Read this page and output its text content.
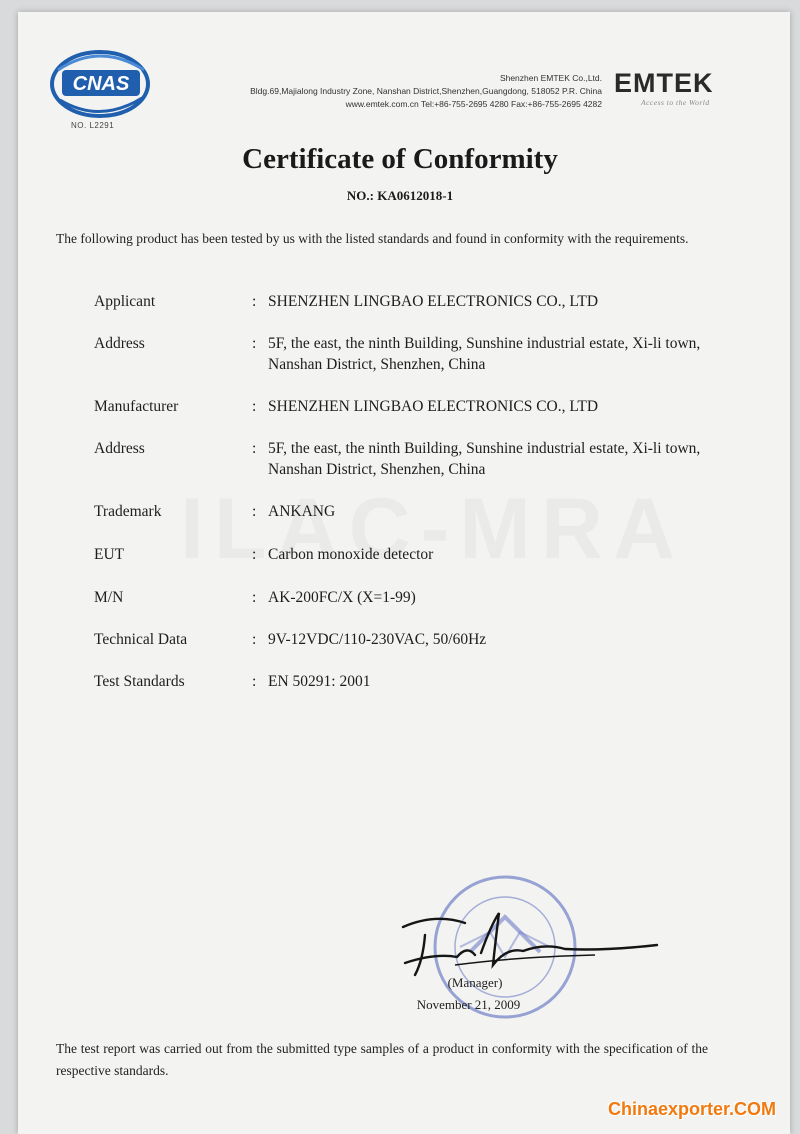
CNAS
NO. L2291
Shenzhen EMTEK Co.,Ltd.
Bldg.69,Majialong Industry Zone, Nanshan District,Shenzhen,Guangdong, 518052 P.R. China
www.emtek.com.cn Tel:+86-755-2695 4280 Fax:+86-755-2695 4282
EMTEK
Access to the World
Certificate of Conformity
NO.: KA0612018-1
The following product has been tested by us with the listed standards and found in conformity with the requirements.
Applicant	: SHENZHEN LINGBAO ELECTRONICS CO., LTD
Address	: 5F, the east, the ninth Building, Sunshine industrial estate, Xi-li town, Nanshan District, Shenzhen, China
Manufacturer	: SHENZHEN LINGBAO ELECTRONICS CO., LTD
Address	: 5F, the east, the ninth Building, Sunshine industrial estate, Xi-li town, Nanshan District, Shenzhen, China
Trademark	: ANKANG
EUT	: Carbon monoxide detector
M/N	: AK-200FC/X (X=1-99)
Technical Data	: 9V-12VDC/110-230VAC, 50/60Hz
Test Standards	: EN 50291: 2001
(Manager)
November 21, 2009
The test report was carried out from the submitted type samples of a product in conformity with the specification of the respective standards.
Chinaexporter.COM
